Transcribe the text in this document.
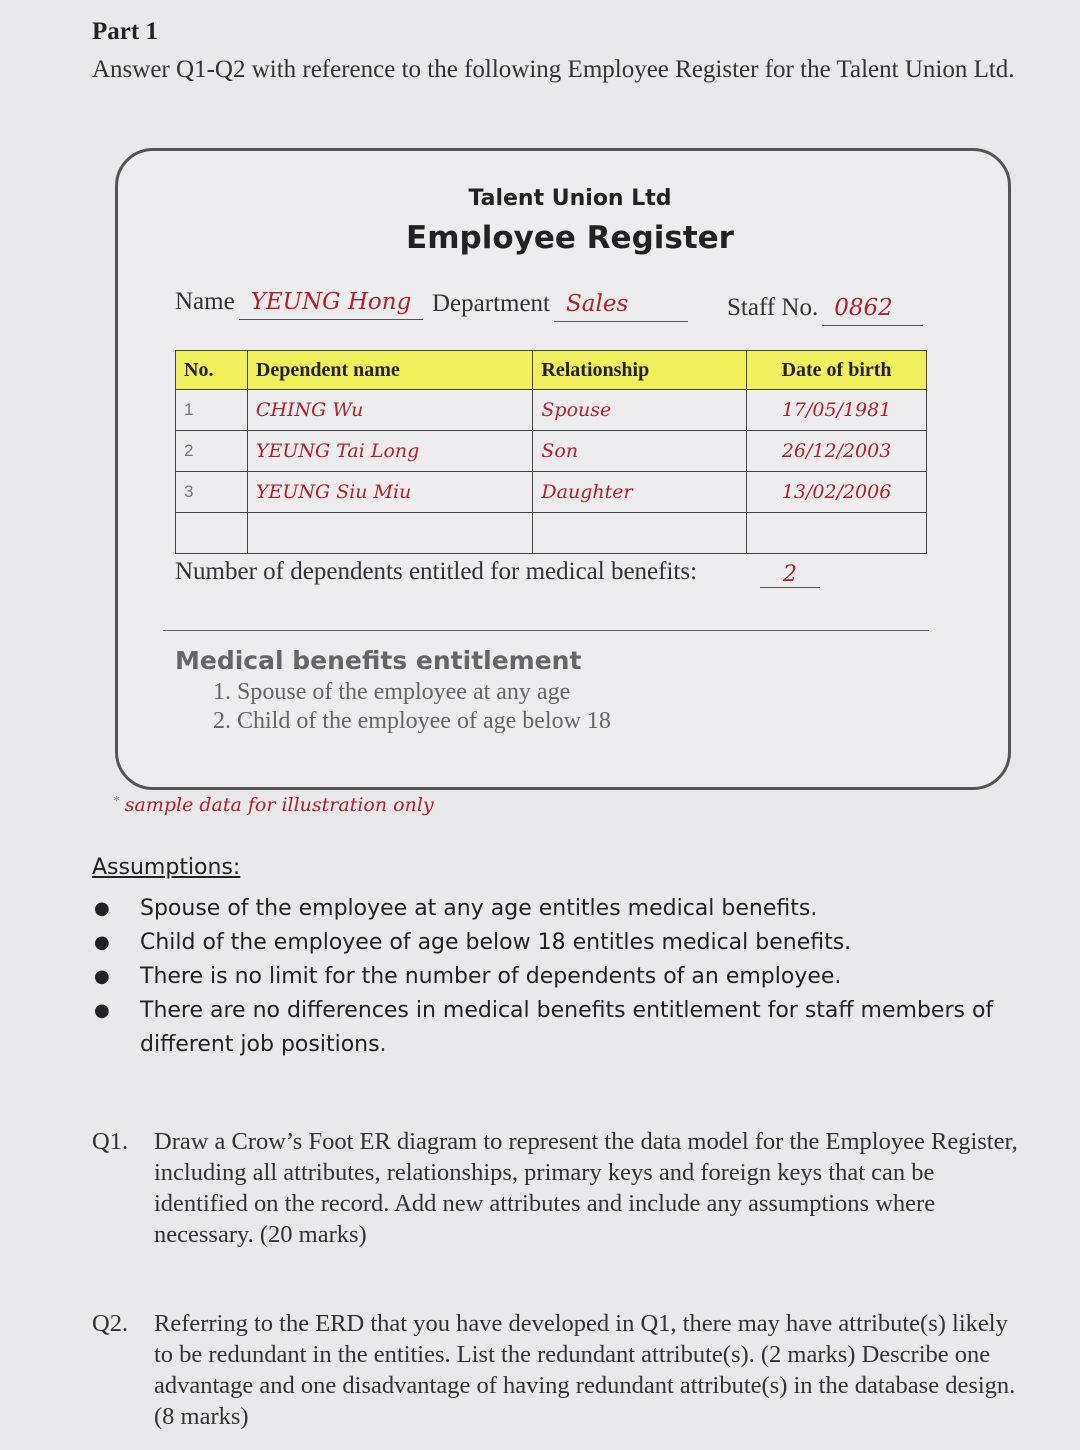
Part 1
Answer Q1-Q2 with reference to the following Employee Register for the Talent Union Ltd.
Talent Union Ltd
Employee Register
Name YEUNG Hong Department Sales	Staff No. 0862
No.	Dependent name	Relationship	Date of birth
1	CHING Wu	Spouse	17/05/1981
2	YEUNG Tai Long	Son	26/12/2003
3	YEUNG Siu Miu	Daughter	13/02/2006

Number of dependents entitled for medical benefits:	2
Medical benefits entitlement
1. Spouse of the employee at any age
2. Child of the employee of age below 18
* sample data for illustration only
Assumptions:
● Spouse of the employee at any age entitles medical benefits.
● Child of the employee of age below 18 entitles medical benefits.
● There is no limit for the number of dependents of an employee.
● There are no differences in medical benefits entitlement for staff members of different job positions.
Q1. Draw a Crow’s Foot ER diagram to represent the data model for the Employee Register, including all attributes, relationships, primary keys and foreign keys that can be identified on the record. Add new attributes and include any assumptions where necessary. (20 marks)
Q2. Referring to the ERD that you have developed in Q1, there may have attribute(s) likely to be redundant in the entities. List the redundant attribute(s). (2 marks) Describe one advantage and one disadvantage of having redundant attribute(s) in the database design. (8 marks)
